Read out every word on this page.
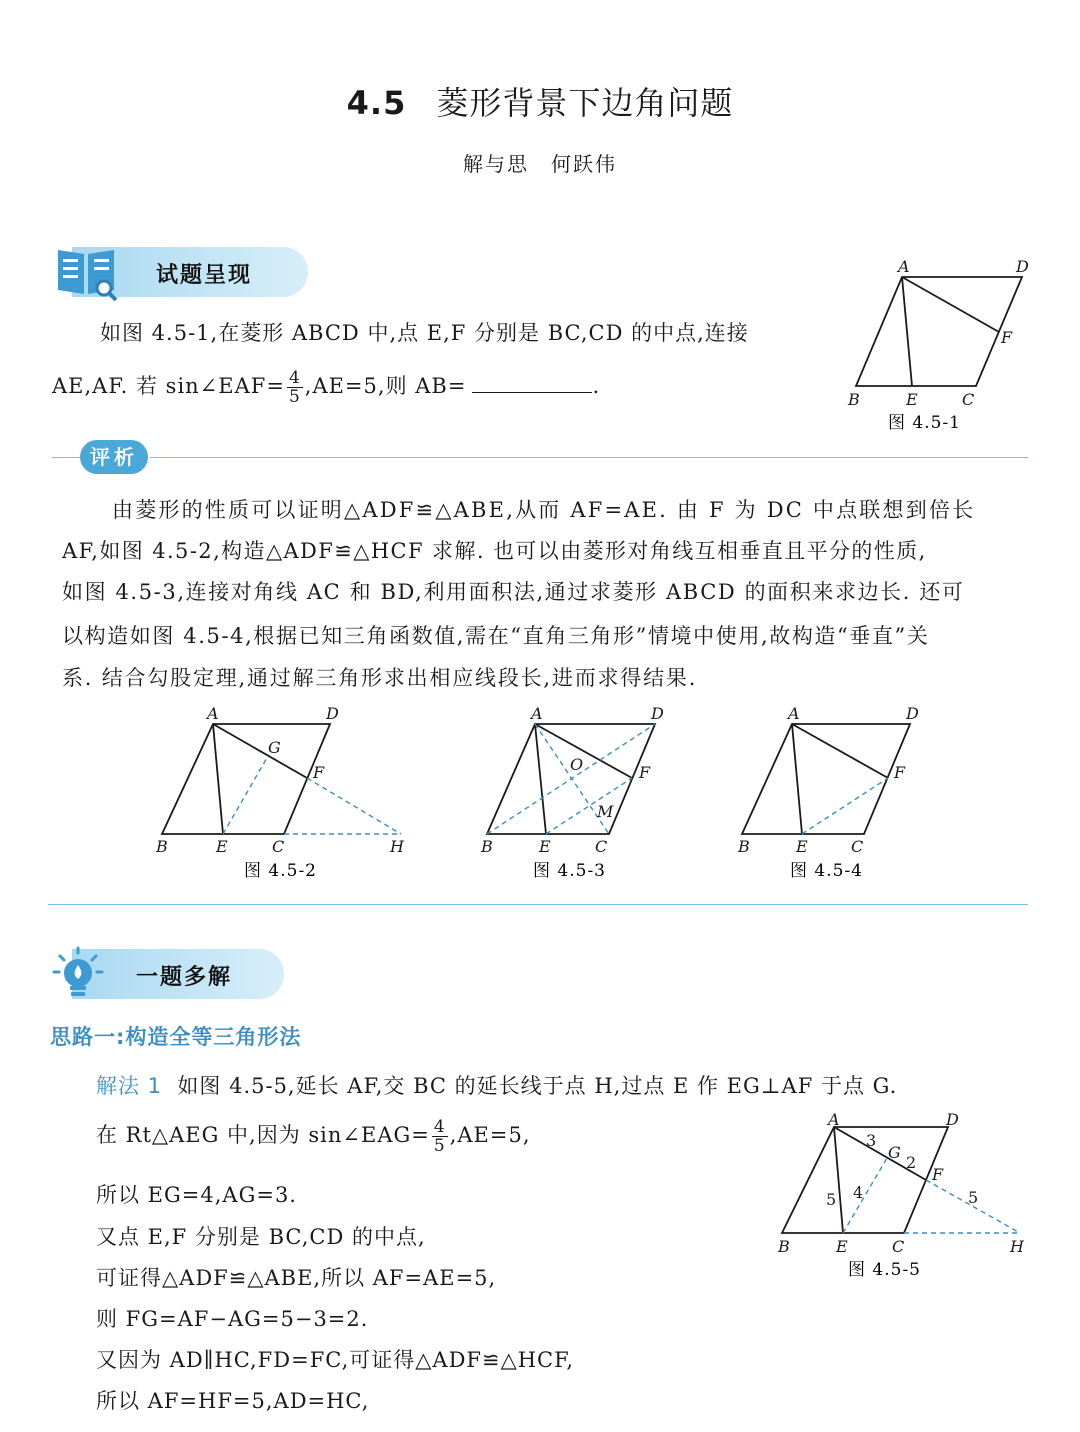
4.5 菱形背景下边角问题
解与思　何跃伟
试题呈现
如图 4.5-1,在菱形 ABCD 中,点 E,F 分别是 BC,CD 的中点,连接
AE,AF. 若 sin∠EAF= $\frac{4}{5} ,AE=5$,则 AB=	.
A	D
F
B	E	C
图 4.5-1
评析
由菱形的性质可以证明△ADF≌△ABE,从而 AF=AE. 由 F 为 DC 中点联想到倍长
AF,如图 4.5-2,构造△ADF≌△HCF 求解. 也可以由菱形对角线互相垂直且平分的性质,
如图 4.5-3,连接对角线 AC 和 BD,利用面积法,通过求菱形 ABCD 的面积来求边长. 还可
以构造如图 4.5-4,根据已知三角函数值,需在“直角三角形”情境中使用,故构造“垂直”关
系. 结合勾股定理,通过解三角形求出相应线段长,进而求得结果.
A	D
G
F
B	E	C	H
图 4.5-2
A	D
O	F
M
B	E	C
图 4.5-3
A	D
F
B	E	C
图 4.5-4
一题多解
思路一:构造全等三角形法
解法 1 如图 4.5-5,延长 AF,交 BC 的延长线于点 H,过点 E 作 EG⊥AF 于点 G.
在 Rt△AEG 中,因为 sin∠EAG= $\frac{4}{5} ,AE=5$,
所以 EG=4,AG=3.
又点 E,F 分别是 BC,CD 的中点,
可证得△ADF≌△ABE,所以 AF=AE=5,
则 FG=AF−AG=5−3=2.
又因为 AD∥HC,FD=FC,可证得△ADF≌△HCF,
所以 AF=HF=5,AD=HC,
A	D
G
F
B	E	C	H
3
2
5
4
5
图 4.5-5
